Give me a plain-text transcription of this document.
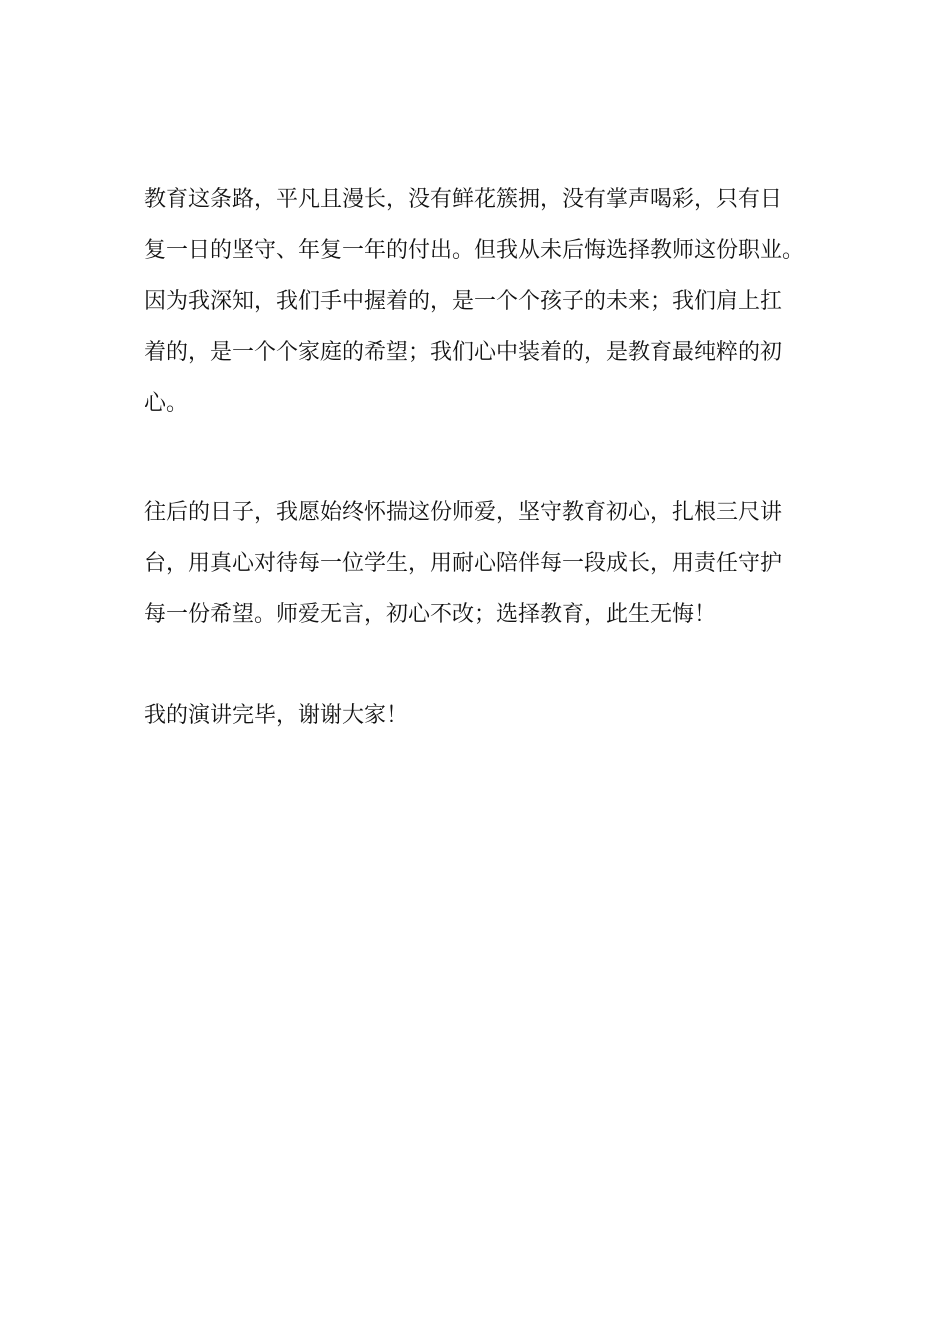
教育这条路，平凡且漫长，没有鲜花簇拥，没有掌声喝彩，只有日
复一日的坚守、年复一年的付出。但我从未后悔选择教师这份职业。
因为我深知，我们手中握着的，是一个个孩子的未来；我们肩上扛
着的，是一个个家庭的希望；我们心中装着的，是教育最纯粹的初
心。
往后的日子，我愿始终怀揣这份师爱，坚守教育初心，扎根三尺讲
台，用真心对待每一位学生，用耐心陪伴每一段成长，用责任守护
每一份希望。师爱无言，初心不改；选择教育，此生无悔！
我的演讲完毕，谢谢大家！
